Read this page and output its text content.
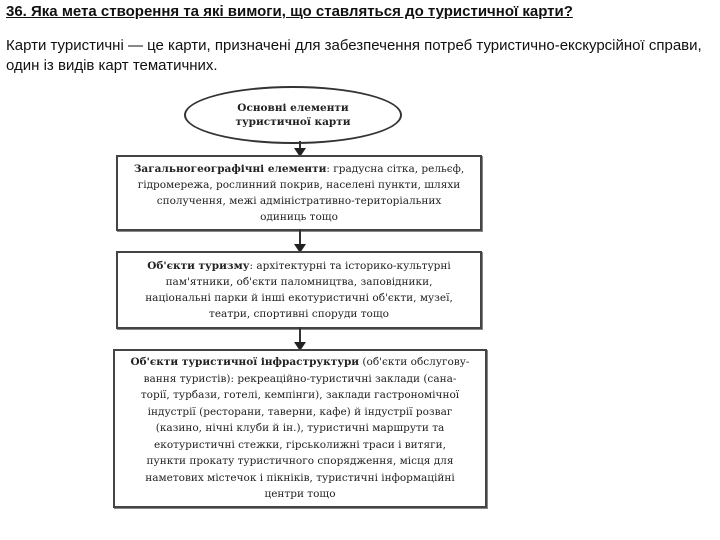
36. Яка мета створення та які вимоги, що ставляться до туристичної карти?
Карти туристичні — це карти, призначені для забезпечення потреб туристично-екскурсійної справи, один із видів карт тематичних.
Основні елементи
туристичної карти
Загальногеографічні елементи: градусна сітка, рельєф,
гідромережа, рослинний покрив, населені пункти, шляхи
сполучення, межі адміністративно-територіальних
одиниць тощо
Об'єкти туризму: архітектурні та історико-культурні
пам'ятники, об'єкти паломництва, заповідники,
національні парки й інші екотуристичні об'єкти, музеї,
театри, спортивні споруди тощо
Об'єкти туристичної інфраструктури (об'єкти обслугову-
вання туристів): рекреаційно-туристичні заклади (сана-
торії, турбази, готелі, кемпінги), заклади гастрономічної
індустрії (ресторани, таверни, кафе) й індустрії розваг
(казино, нічні клуби й ін.), туристичні маршрути та
екотуристичні стежки, гірськолижні траси і витяги,
пункти прокату туристичного спорядження, місця для
наметових містечок і пікніків, туристичні інформаційні
центри тощо
